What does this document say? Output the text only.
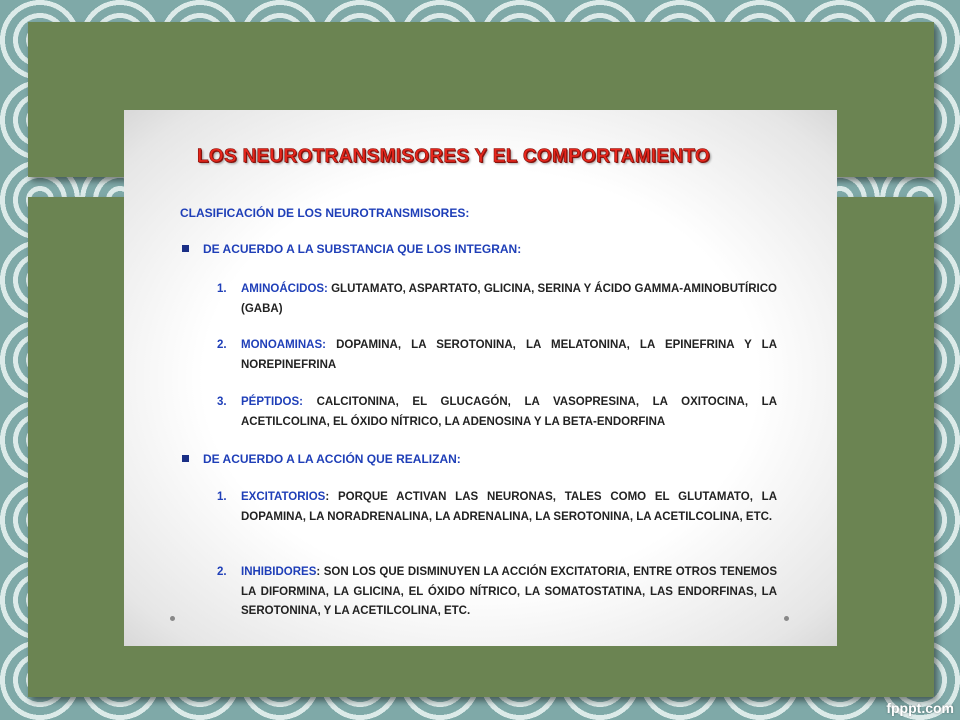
LOS NEUROTRANSMISORES Y EL COMPORTAMIENTO
CLASIFICACIÓN DE LOS NEUROTRANSMISORES:
DE ACUERDO A LA SUBSTANCIA QUE LOS INTEGRAN:
1. AMINOÁCIDOS: GLUTAMATO, ASPARTATO, GLICINA, SERINA Y ÁCIDO GAMMA-AMINOBUTÍRICO (GABA)
2. MONOAMINAS: DOPAMINA, LA SEROTONINA, LA MELATONINA, LA EPINEFRINA Y LA NOREPINEFRINA
3. PÉPTIDOS: CALCITONINA, EL GLUCAGÓN, LA VASOPRESINA, LA OXITOCINA, LA ACETILCOLINA, EL ÓXIDO NÍTRICO, LA ADENOSINA Y LA BETA-ENDORFINA
DE ACUERDO A LA ACCIÓN QUE REALIZAN:
1. EXCITATORIOS: PORQUE ACTIVAN LAS NEURONAS, TALES COMO EL GLUTAMATO, LA DOPAMINA, LA NORADRENALINA, LA ADRENALINA, LA SEROTONINA, LA ACETILCOLINA, ETC.
2. INHIBIDORES: SON LOS QUE DISMINUYEN LA ACCIÓN EXCITATORIA, ENTRE OTROS TENEMOS LA DIFORMINA, LA GLICINA, EL ÓXIDO NÍTRICO, LA SOMATOSTATINA, LAS ENDORFINAS, LA SEROTONINA, Y LA ACETILCOLINA, ETC.
fpppt.com
